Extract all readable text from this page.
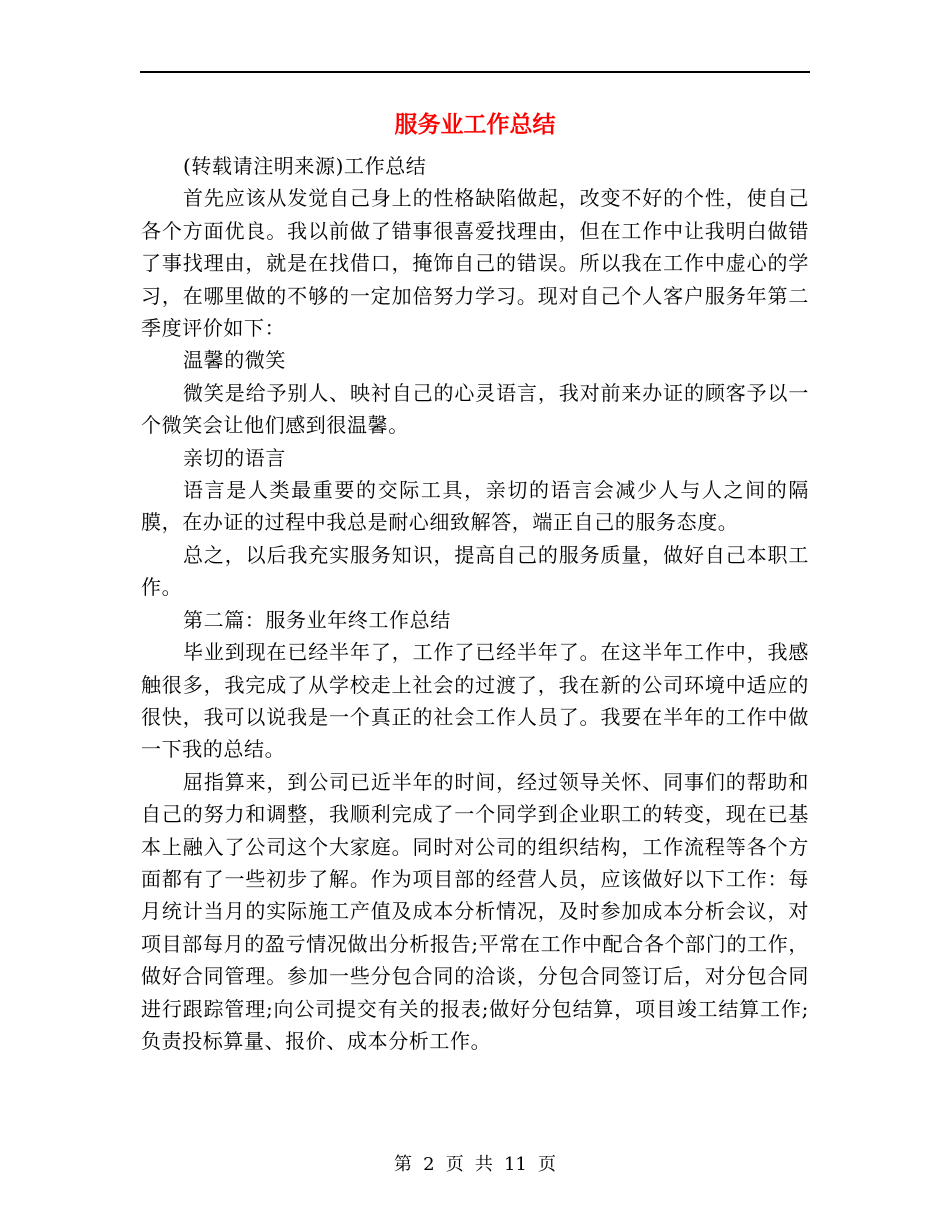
服务业工作总结

(转载请注明来源)工作总结

首先应该从发觉自己身上的性格缺陷做起，改变不好的个性，使自己各个方面优良。我以前做了错事很喜爱找理由，但在工作中让我明白做错了事找理由，就是在找借口，掩饰自己的错误。所以我在工作中虚心的学习，在哪里做的不够的一定加倍努力学习。现对自己个人客户服务年第二季度评价如下：

温馨的微笑

微笑是给予别人、映衬自己的心灵语言，我对前来办证的顾客予以一个微笑会让他们感到很温馨。

亲切的语言

语言是人类最重要的交际工具，亲切的语言会减少人与人之间的隔膜，在办证的过程中我总是耐心细致解答，端正自己的服务态度。

总之，以后我充实服务知识，提高自己的服务质量，做好自己本职工作。

第二篇：服务业年终工作总结

毕业到现在已经半年了，工作了已经半年了。在这半年工作中，我感触很多，我完成了从学校走上社会的过渡了，我在新的公司环境中适应的很快，我可以说我是一个真正的社会工作人员了。我要在半年的工作中做一下我的总结。

屈指算来，到公司已近半年的时间，经过领导关怀、同事们的帮助和自己的努力和调整，我顺利完成了一个同学到企业职工的转变，现在已基本上融入了公司这个大家庭。同时对公司的组织结构，工作流程等各个方面都有了一些初步了解。作为项目部的经营人员，应该做好以下工作：每月统计当月的实际施工产值及成本分析情况，及时参加成本分析会议，对项目部每月的盈亏情况做出分析报告;平常在工作中配合各个部门的工作，做好合同管理。参加一些分包合同的洽谈，分包合同签订后，对分包合同进行跟踪管理;向公司提交有关的报表;做好分包结算，项目竣工结算工作;负责投标算量、报价、成本分析工作。

第 2 页 共 11 页
